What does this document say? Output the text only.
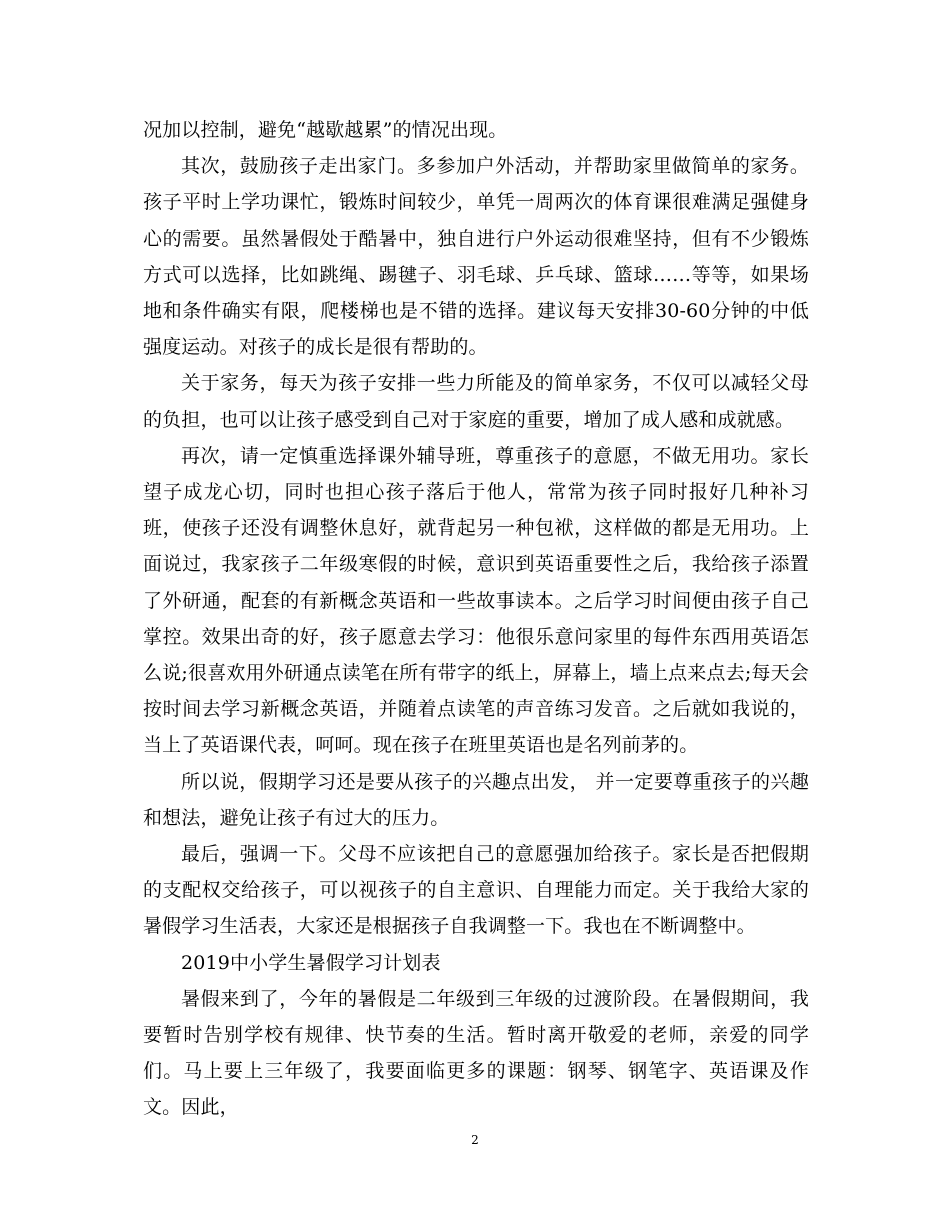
况加以控制，避免“越歇越累”的情况出现。

其次，鼓励孩子走出家门。多参加户外活动，并帮助家里做简单的家务。孩子平时上学功课忙，锻炼时间较少，单凭一周两次的体育课很难满足强健身心的需要。虽然暑假处于酷暑中，独自进行户外运动很难坚持，但有不少锻炼方式可以选择，比如跳绳、踢毽子、羽毛球、乒乓球、篮球……等等，如果场地和条件确实有限，爬楼梯也是不错的选择。建议每天安排30-60分钟的中低强度运动。对孩子的成长是很有帮助的。

关于家务，每天为孩子安排一些力所能及的简单家务，不仅可以减轻父母的负担，也可以让孩子感受到自己对于家庭的重要，增加了成人感和成就感。

再次，请一定慎重选择课外辅导班，尊重孩子的意愿，不做无用功。家长望子成龙心切，同时也担心孩子落后于他人，常常为孩子同时报好几种补习班，使孩子还没有调整休息好，就背起另一种包袱，这样做的都是无用功。上面说过，我家孩子二年级寒假的时候，意识到英语重要性之后，我给孩子添置了外研通，配套的有新概念英语和一些故事读本。之后学习时间便由孩子自己掌控。效果出奇的好，孩子愿意去学习：他很乐意问家里的每件东西用英语怎么说;很喜欢用外研通点读笔在所有带字的纸上，屏幕上，墙上点来点去;每天会按时间去学习新概念英语，并随着点读笔的声音练习发音。之后就如我说的，当上了英语课代表，呵呵。现在孩子在班里英语也是名列前茅的。

所以说，假期学习还是要从孩子的兴趣点出发， 并一定要尊重孩子的兴趣和想法，避免让孩子有过大的压力。

最后，强调一下。父母不应该把自己的意愿强加给孩子。家长是否把假期的支配权交给孩子，可以视孩子的自主意识、自理能力而定。关于我给大家的暑假学习生活表，大家还是根据孩子自我调整一下。我也在不断调整中。

2019中小学生暑假学习计划表

暑假来到了，今年的暑假是二年级到三年级的过渡阶段。在暑假期间，我要暂时告别学校有规律、快节奏的生活。暂时离开敬爱的老师，亲爱的同学们。马上要上三年级了，我要面临更多的课题：钢琴、钢笔字、英语课及作文。因此，

2
